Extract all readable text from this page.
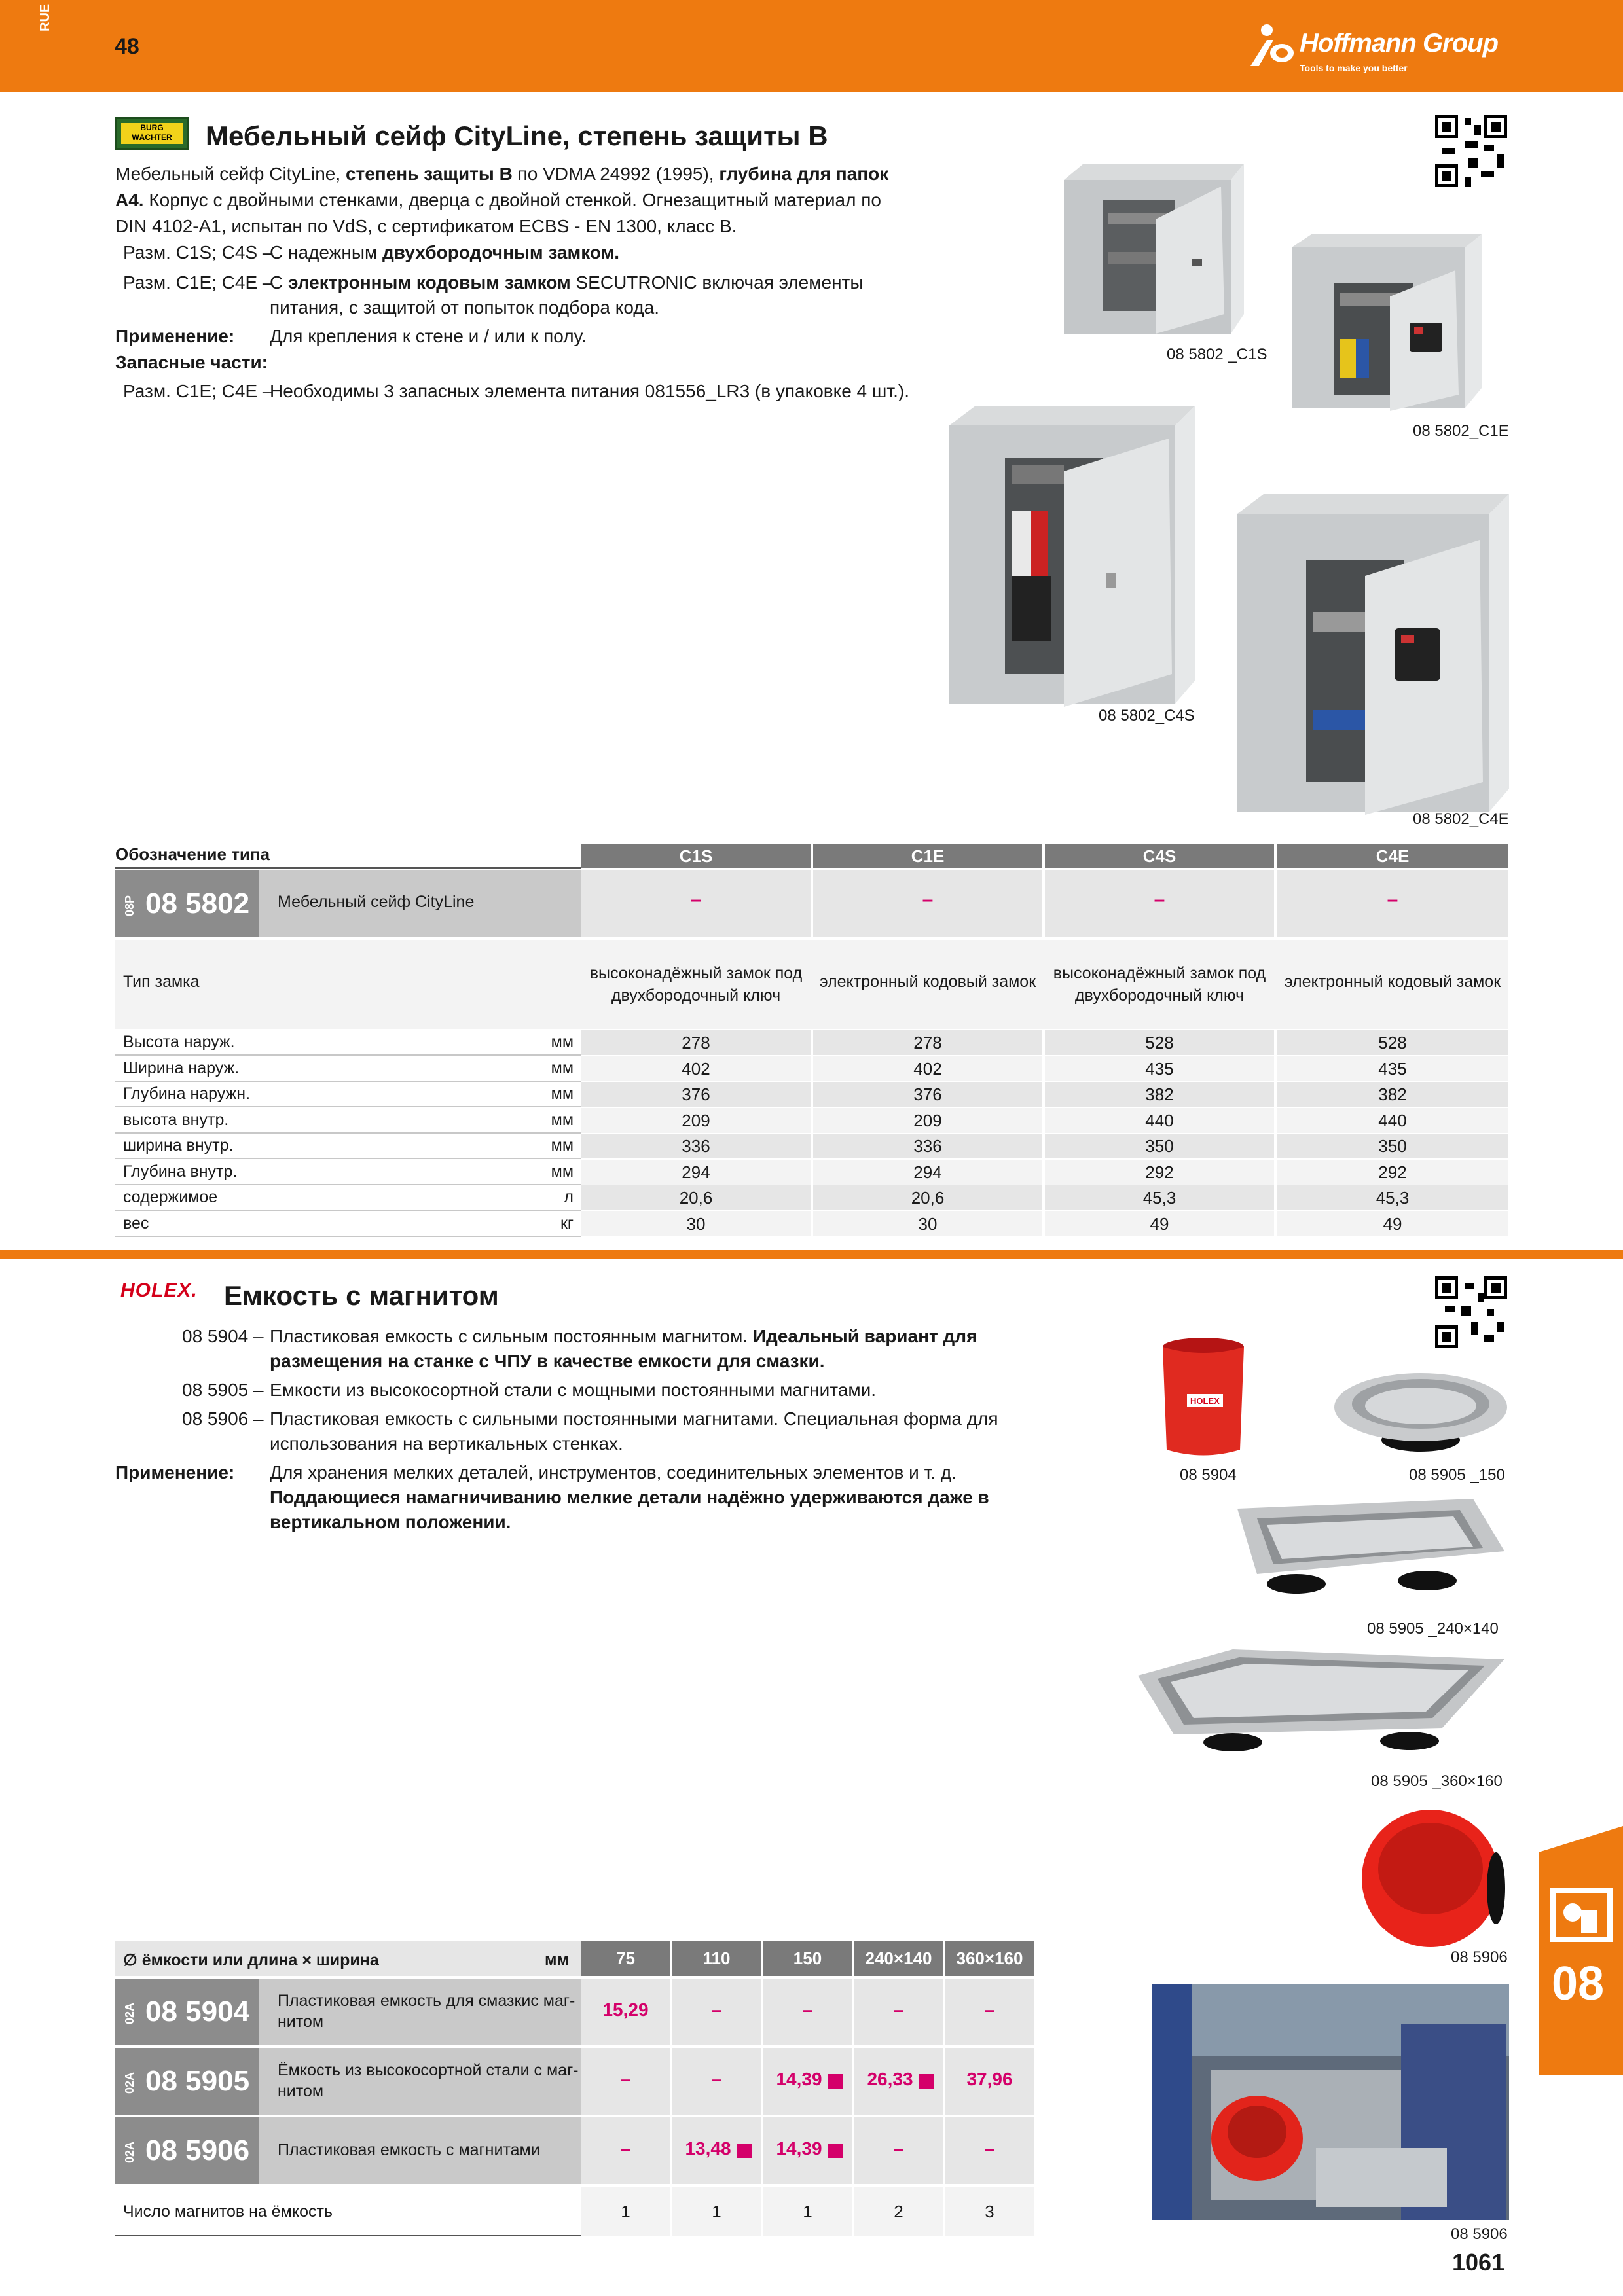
RUE
48	Hoffmann Group
Tools to make you better
BURG WÄCHTER	Мебельный сейф CityLine, степень защиты B
Мебельный сейф CityLine, степень защиты B по VDMA 24992 (1995), глубина для папок
A4. Корпус с двойными стенками, дверца с двойной стенкой. Огнезащитный материал по
DIN 4102-A1, испытан по VdS, с сертификатом ECBS - EN 1300, класс B.
Разм. C1S; C4S –
С надежным двухбородочным замком.
Разм. C1E; C4E –
С электронным кодовым замком SECUTRONIC включая элементы
питания, с защитой от попыток подбора кода.
Применение: Для крепления к стене и / или к полу.
Запасные части:
Разм. C1E; C4E –
Необходимы 3 запасных элемента питания 081556_LR3 (в упаковке 4 шт.).
08 5802 _C1S
08 5802_C1E
08 5802_C4S
08 5802_C4E
Обозначение типа	C1S	C1E	C4S	C4E
08P 08 5802 Мебельный сейф CityLine	–	–	–	–
Тип замка	высоконадёжный замок под
двухбородочный ключ
электронный кодовый замок	высоконадёжный замок под
двухбородочный ключ
электронный кодовый замок
Высота наруж.	мм	278	278	528	528
Ширина наруж.	мм	402	402	435	435
Глубина наружн.	мм	376	376	382	382
высота внутр.	мм	209	209	440	440
ширина внутр.	мм	336	336	350	350
Глубина внутр.	мм	294	294	292	292
содержимое	л	20,6	20,6	45,3	45,3
вес	кг	30	30	49	49
HOLEX. Емкость с магнитом
08 5904 – Пластиковая емкость с сильным постоянным магнитом. Идеальный вариант для
размещения на станке с ЧПУ в качестве емкости для смазки.
08 5905 – Емкости из высокосортной стали с мощными постоянными магнитами.
08 5906 – Пластиковая емкость с сильными постоянными магнитами. Специальная форма для
использования на вертикальных стенках.
Применение: Для хранения мелких деталей, инструментов, соединительных элементов и т. д.
Поддающиеся намагничиванию мелкие детали надёжно удерживаются даже в
вертикальном положении.
HOLEX
08 5904	08 5905 _150
08 5905 _240×140
08 5905 _360×160
08 5906
08 5906
∅ ёмкости или длина × ширина	мм	75	110	150	240×140	360×160
02A 08 5904 Пластиковая емкость для смазкис маг-
нитом
15,29	–	–	–	–
02A 08 5905 Ёмкость из высокосортной стали с маг-
нитом
–	–	14,39	26,33	37,96
02A 08 5906 Пластиковая емкость с магнитами	–	13,48	14,39	–	–
Число магнитов на ёмкость	1	1	1	2	3
08
1061
